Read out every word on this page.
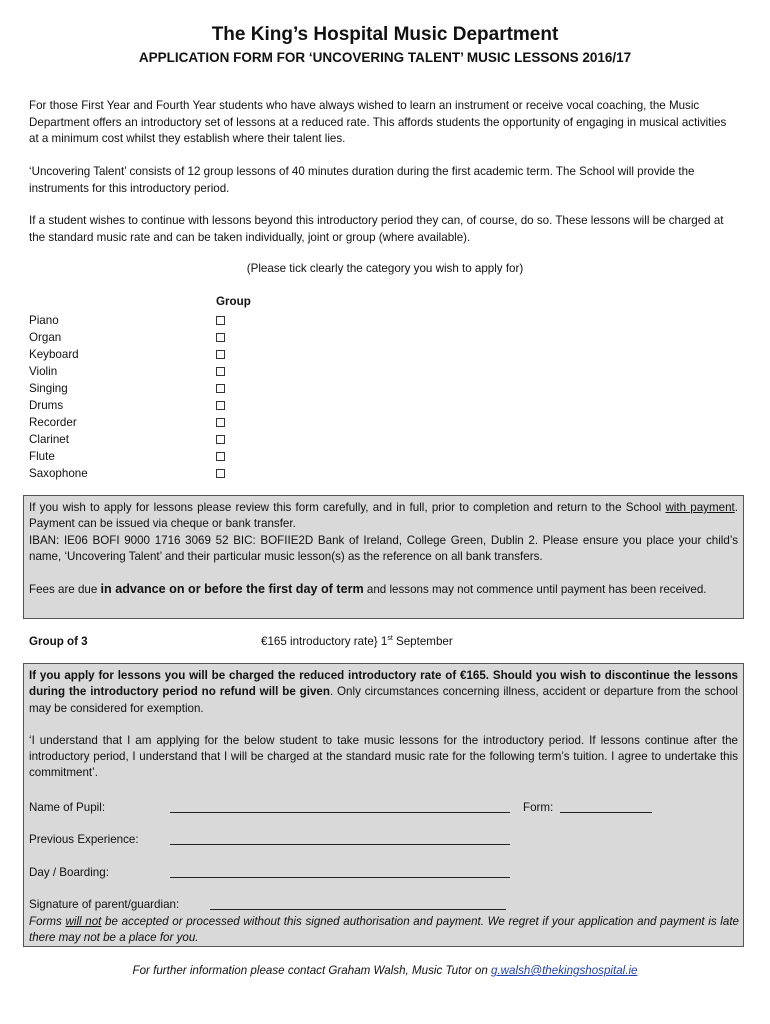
The King’s Hospital Music Department
APPLICATION FORM FOR ‘UNCOVERING TALENT’ MUSIC LESSONS 2016/17

For those First Year and Fourth Year students who have always wished to learn an instrument or receive vocal coaching, the Music Department offers an introductory set of lessons at a reduced rate. This affords students the opportunity of engaging in musical activities at a minimum cost whilst they establish where their talent lies.

‘Uncovering Talent’ consists of 12 group lessons of 40 minutes duration during the first academic term. The School will provide the instruments for this introductory period.

If a student wishes to continue with lessons beyond this introductory period they can, of course, do so. These lessons will be charged at the standard music rate and can be taken individually, joint or group (where available).

(Please tick clearly the category you wish to apply for)
Group
Piano
Organ
Keyboard
Violin
Singing
Drums
Recorder
Clarinet
Flute
Saxophone

If you wish to apply for lessons please review this form carefully, and in full, prior to completion and return to the School with payment. Payment can be issued via cheque or bank transfer.

IBAN: IE06 BOFI 9000 1716 3069 52 BIC: BOFIIE2D Bank of Ireland, College Green, Dublin 2. Please ensure you place your child’s name, ‘Uncovering Talent’ and their particular music lesson(s) as the reference on all bank transfers.

Fees are due in advance on or before the first day of term and lessons may not commence until payment has been received.

Group of 3	€165 introductory rate} 1st September

If you apply for lessons you will be charged the reduced introductory rate of €165. Should you wish to discontinue the lessons during the introductory period no refund will be given. Only circumstances concerning illness, accident or departure from the school may be considered for exemption.

‘I understand that I am applying for the below student to take music lessons for the introductory period. If lessons continue after the introductory period, I understand that I will be charged at the standard music rate for the following term’s tuition. I agree to undertake this commitment’.

Name of Pupil:	Form:
Previous Experience:
Day / Boarding:
Signature of parent/guardian:

Forms will not be accepted or processed without this signed authorisation and payment. We regret if your application and payment is late there may not be a place for you.

For further information please contact Graham Walsh, Music Tutor on g.walsh@thekingshospital.ie
